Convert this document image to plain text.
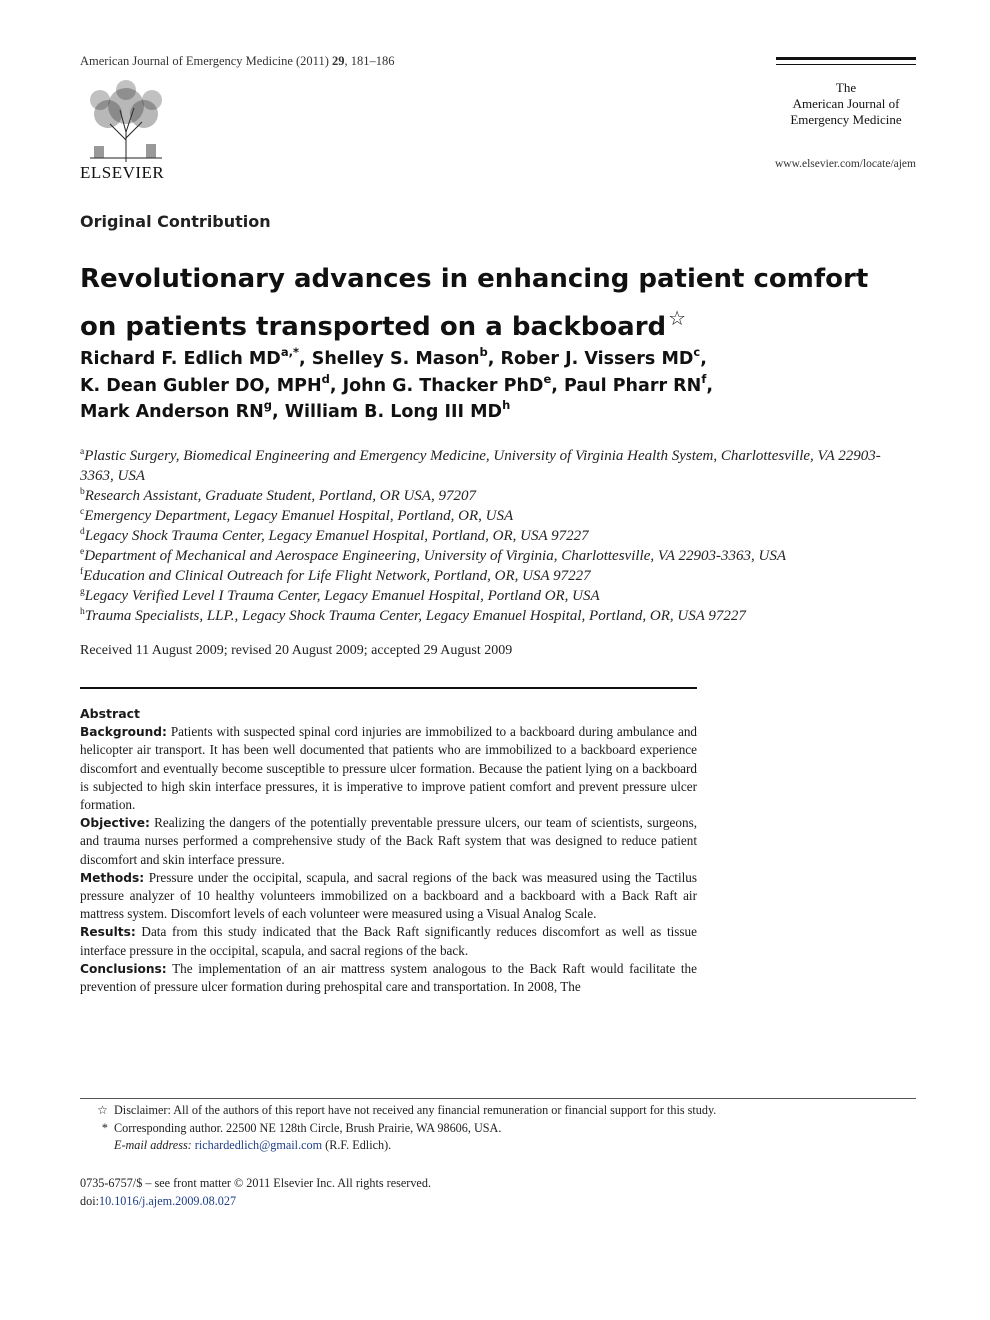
American Journal of Emergency Medicine (2011) 29, 181–186
ELSEVIER
The
American Journal of
Emergency Medicine
www.elsevier.com/locate/ajem
Original Contribution
Revolutionary advances in enhancing patient comfort on patients transported on a backboard ☆
Richard F. Edlich $MD^{a,*}$, Shelley S. Mason$^b$, Rober J. Vissers $MD^c$,
K. Dean Gubler DO, MPH$^d$, John G. Thacker PhD$^e$, Paul Pharr $RN^f$,
Mark Anderson $RN^g$, William B. Long III $MD^h$

$^a$Plastic Surgery, Biomedical Engineering and Emergency Medicine, University of Virginia Health System, Charlottesville, VA 22903-3363, USA

$^b$Research Assistant, Graduate Student, Portland, OR USA, 97207

$^c$Emergency Department, Legacy Emanuel Hospital, Portland, OR, USA

$^d$Legacy Shock Trauma Center, Legacy Emanuel Hospital, Portland, OR, USA 97227

$^e$Department of Mechanical and Aerospace Engineering, University of Virginia, Charlottesville, VA 22903-3363, USA

$^f$Education and Clinical Outreach for Life Flight Network, Portland, OR, USA 97227

$^g$Legacy Verified Level I Trauma Center, Legacy Emanuel Hospital, Portland OR, USA

$^h$Trauma Specialists, LLP., Legacy Shock Trauma Center, Legacy Emanuel Hospital, Portland, OR, USA 97227

Received 11 August 2009; revised 20 August 2009; accepted 29 August 2009
Abstract

Background: Patients with suspected spinal cord injuries are immobilized to a backboard during ambulance and helicopter air transport. It has been well documented that patients who are immobilized to a backboard experience discomfort and eventually become susceptible to pressure ulcer formation. Because the patient lying on a backboard is subjected to high skin interface pressures, it is imperative to improve patient comfort and prevent pressure ulcer formation.

Objective: Realizing the dangers of the potentially preventable pressure ulcers, our team of scientists, surgeons, and trauma nurses performed a comprehensive study of the Back Raft system that was designed to reduce patient discomfort and skin interface pressure.

Methods: Pressure under the occipital, scapula, and sacral regions of the back was measured using the Tactilus pressure analyzer of 10 healthy volunteers immobilized on a backboard and a backboard with a Back Raft air mattress system. Discomfort levels of each volunteer were measured using a Visual Analog Scale.

Results: Data from this study indicated that the Back Raft significantly reduces discomfort as well as tissue interface pressure in the occipital, scapula, and sacral regions of the back.

Conclusions: The implementation of an air mattress system analogous to the Back Raft would facilitate the prevention of pressure ulcer formation during prehospital care and transportation. In 2008, The

☆ Disclaimer: All of the authors of this report have not received any financial remuneration or financial support for this study.
* Corresponding author. 22500 NE 128th Circle, Brush Prairie, WA 98606, USA.
E-mail address: richardedlich@gmail.com (R.F. Edlich).
0735-6757/$ – see front matter © 2011 Elsevier Inc. All rights reserved.
doi:10.1016/j.ajem.2009.08.027
